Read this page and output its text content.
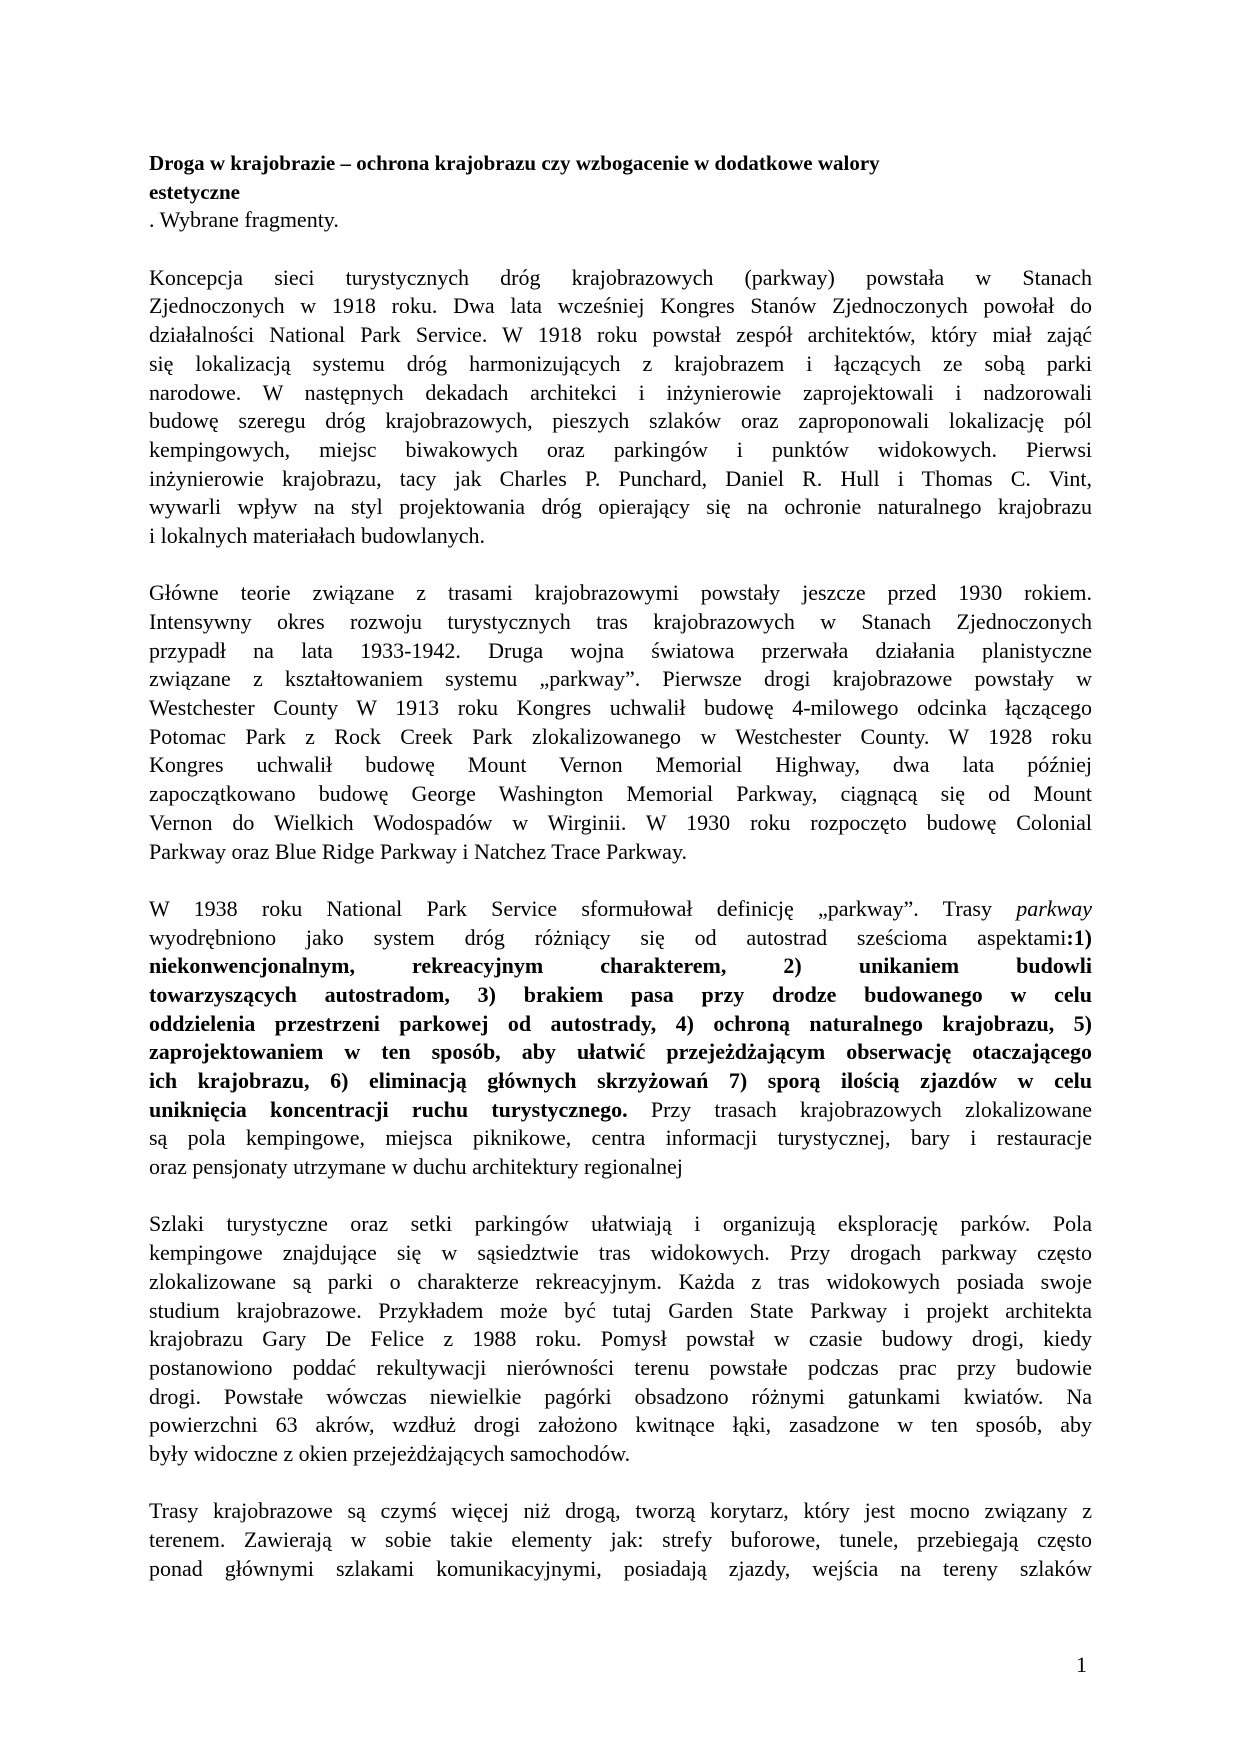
Droga w krajobrazie – ochrona krajobrazu czy wzbogacenie w dodatkowe walory
estetyczne
. Wybrane fragmenty.
Koncepcja sieci turystycznych dróg krajobrazowych (parkway) powstała w Stanach
Zjednoczonych w 1918 roku. Dwa lata wcześniej Kongres Stanów Zjednoczonych powołał do
działalności National Park Service. W 1918 roku powstał zespół architektów, który miał zająć
się lokalizacją systemu dróg harmonizujących z krajobrazem i łączących ze sobą parki
narodowe. W następnych dekadach architekci i inżynierowie zaprojektowali i nadzorowali
budowę szeregu dróg krajobrazowych, pieszych szlaków oraz zaproponowali lokalizację pól
kempingowych, miejsc biwakowych oraz parkingów i punktów widokowych. Pierwsi
inżynierowie krajobrazu, tacy jak Charles P. Punchard, Daniel R. Hull i Thomas C. Vint,
wywarli wpływ na styl projektowania dróg opierający się na ochronie naturalnego krajobrazu
i lokalnych materiałach budowlanych.
Główne teorie związane z trasami krajobrazowymi powstały jeszcze przed 1930 rokiem.
Intensywny okres rozwoju turystycznych tras krajobrazowych w Stanach Zjednoczonych
przypadł na lata 1933-1942. Druga wojna światowa przerwała działania planistyczne
związane z kształtowaniem systemu „parkway”. Pierwsze drogi krajobrazowe powstały w
Westchester County W 1913 roku Kongres uchwalił budowę 4-milowego odcinka łączącego
Potomac Park z Rock Creek Park zlokalizowanego w Westchester County. W 1928 roku
Kongres uchwalił budowę Mount Vernon Memorial Highway, dwa lata później
zapoczątkowano budowę George Washington Memorial Parkway, ciągnącą się od Mount
Vernon do Wielkich Wodospadów w Wirginii. W 1930 roku rozpoczęto budowę Colonial
Parkway oraz Blue Ridge Parkway i Natchez Trace Parkway.
W 1938 roku National Park Service sformułował definicję „parkway”. Trasy parkway
wyodrębniono jako system dróg różniący się od autostrad sześcioma aspektami:1)
niekonwencjonalnym, rekreacyjnym charakterem, 2) unikaniem budowli
towarzyszących autostradom, 3) brakiem pasa przy drodze budowanego w celu
oddzielenia przestrzeni parkowej od autostrady, 4) ochroną naturalnego krajobrazu, 5)
zaprojektowaniem w ten sposób, aby ułatwić przejeżdżającym obserwację otaczającego
ich krajobrazu, 6) eliminacją głównych skrzyżowań 7) sporą ilością zjazdów w celu
uniknięcia koncentracji ruchu turystycznego. Przy trasach krajobrazowych zlokalizowane
są pola kempingowe, miejsca piknikowe, centra informacji turystycznej, bary i restauracje
oraz pensjonaty utrzymane w duchu architektury regionalnej
Szlaki turystyczne oraz setki parkingów ułatwiają i organizują eksplorację parków. Pola
kempingowe znajdujące się w sąsiedztwie tras widokowych. Przy drogach parkway często
zlokalizowane są parki o charakterze rekreacyjnym. Każda z tras widokowych posiada swoje
studium krajobrazowe. Przykładem może być tutaj Garden State Parkway i projekt architekta
krajobrazu Gary De Felice z 1988 roku. Pomysł powstał w czasie budowy drogi, kiedy
postanowiono poddać rekultywacji nierówności terenu powstałe podczas prac przy budowie
drogi. Powstałe wówczas niewielkie pagórki obsadzono różnymi gatunkami kwiatów. Na
powierzchni 63 akrów, wzdłuż drogi założono kwitnące łąki, zasadzone w ten sposób, aby
były widoczne z okien przejeżdżających samochodów.
Trasy krajobrazowe są czymś więcej niż drogą, tworzą korytarz, który jest mocno związany z
terenem. Zawierają w sobie takie elementy jak: strefy buforowe, tunele, przebiegają często
ponad głównymi szlakami komunikacyjnymi, posiadają zjazdy, wejścia na tereny szlaków
1
